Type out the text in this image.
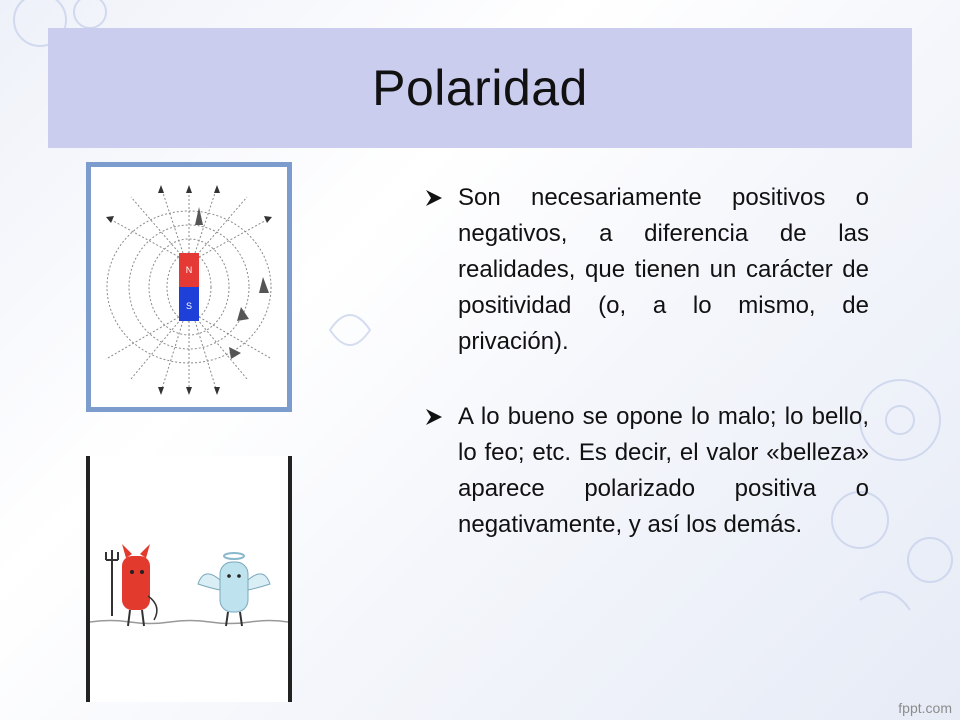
Polaridad
N
S
Son necesariamente positivos o negativos, a diferencia de las realidades, que tienen un carácter de positividad (o, a lo mismo, de privación).
A lo bueno se opone lo malo; lo bello, lo feo; etc. Es decir, el valor «belleza» aparece polarizado positiva o negativamente, y así los demás.
fppt.com
